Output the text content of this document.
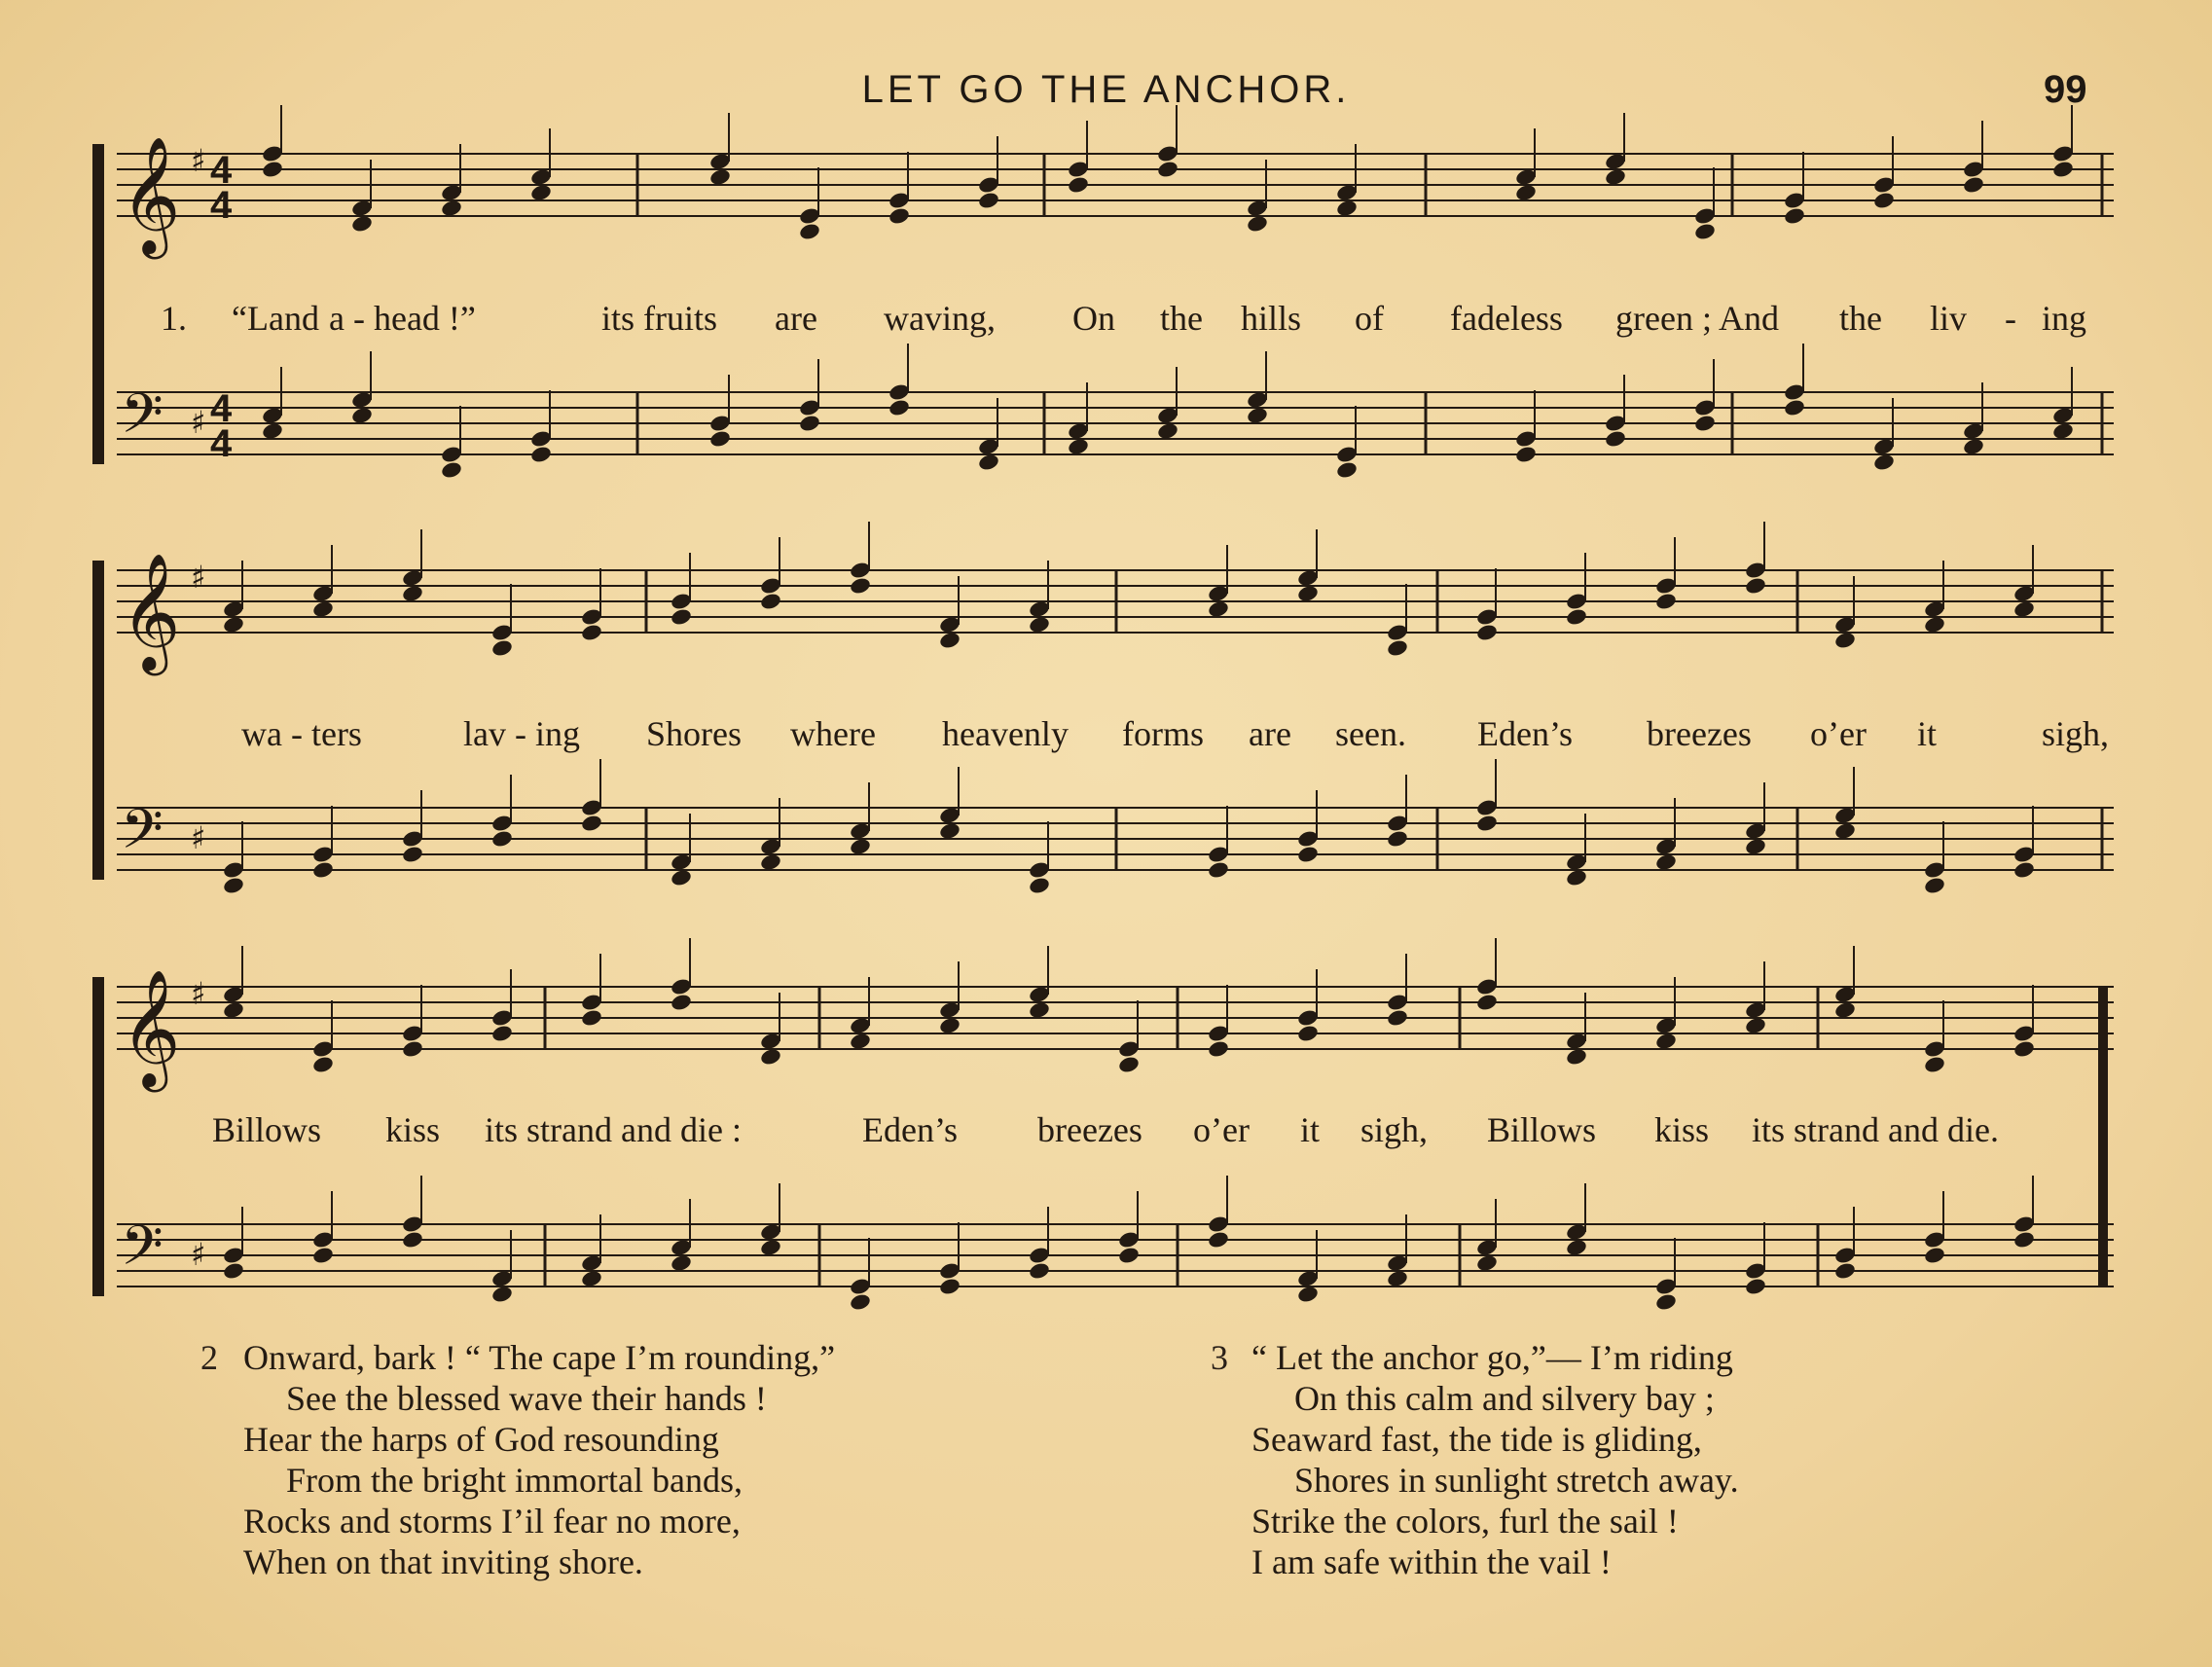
LET GO THE ANCHOR.	99
𝄞 ♯ 4
4
𝄢 ♯ 4
4
𝄞 ♯
𝄢 ♯
𝄞 ♯
𝄢 ♯
1. “Land a - head !”	its fruits are waving, On the hills of fadeless green ; And the liv - ing
wa - ters	lav - ing Shores where heavenly forms are seen. Eden’s breezes o’er it	sigh,
Billows kiss its strand and die :	Eden’s breezes o’er it sigh, Billows kiss its strand and die.
2 Onward, bark ! “ The cape I’m rounding,”
See the blessed wave their hands !
Hear the harps of God resounding
From the bright immortal bands,
Rocks and storms I’il fear no more,
When on that inviting shore.
3 “ Let the anchor go,”— I’m riding
On this calm and silvery bay ;
Seaward fast, the tide is gliding,
Shores in sunlight stretch away.
Strike the colors, furl the sail !
I am safe within the vail !
